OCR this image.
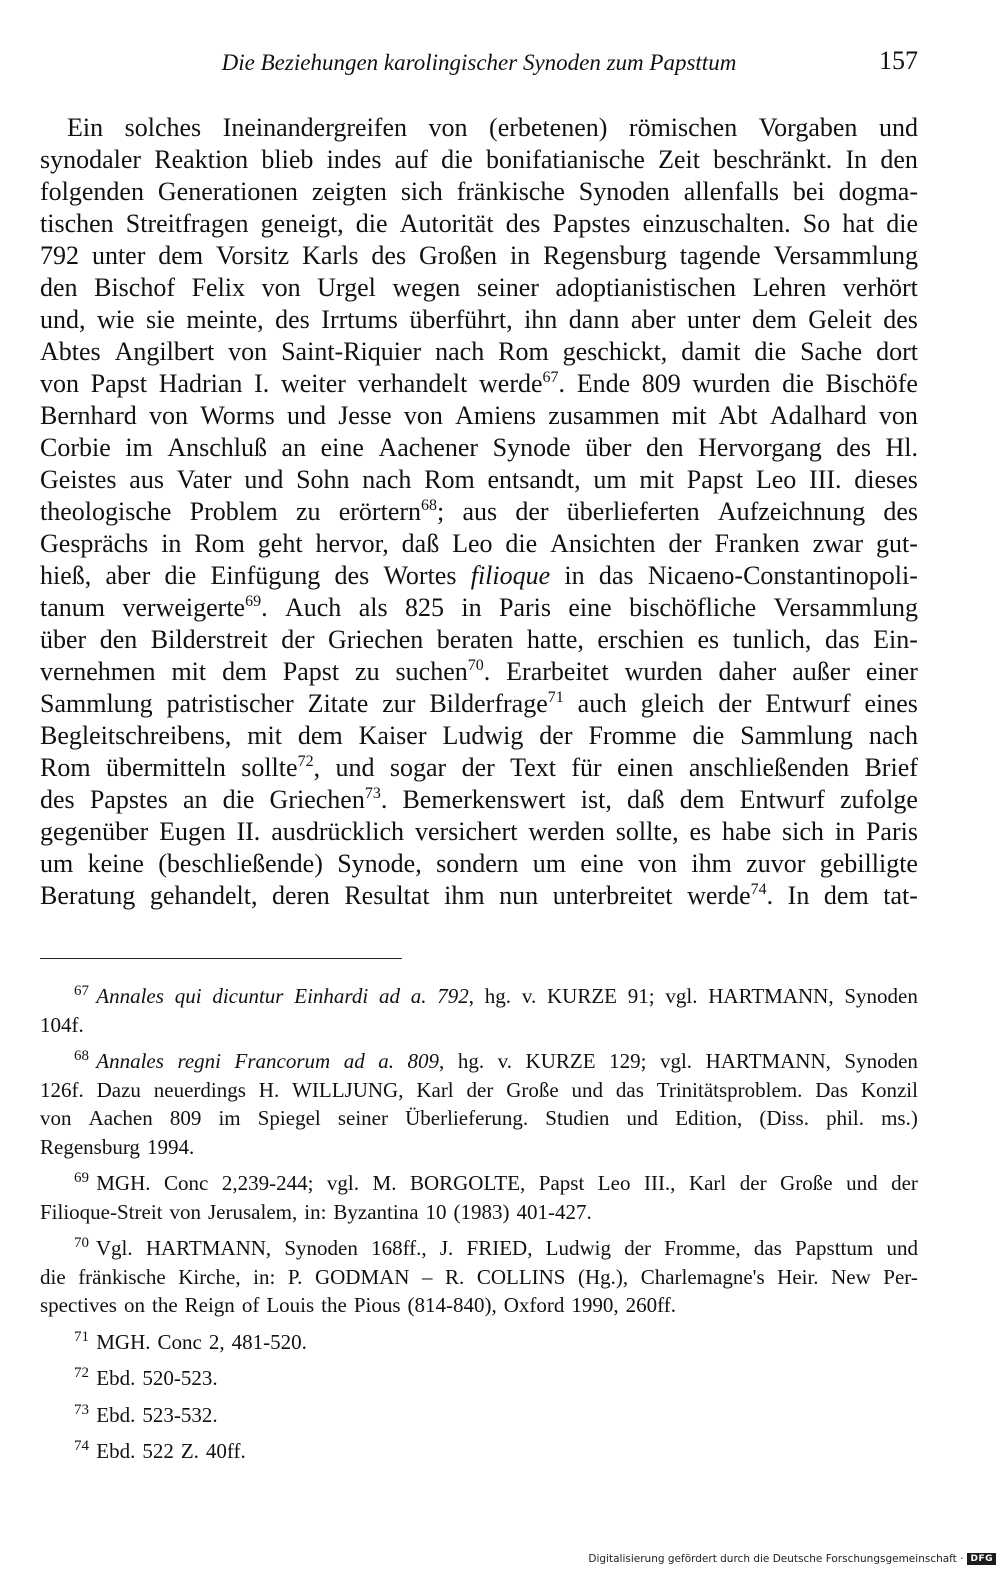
Die Beziehungen karolingischer Synoden zum Papsttum	157
Ein solches Ineinandergreifen von (erbetenen) römischen Vorgaben und
synodaler Reaktion blieb indes auf die bonifatianische Zeit beschränkt. In den
folgenden Generationen zeigten sich fränkische Synoden allenfalls bei dogma-
tischen Streitfragen geneigt, die Autorität des Papstes einzuschalten. So hat die
792 unter dem Vorsitz Karls des Großen in Regensburg tagende Versammlung
den Bischof Felix von Urgel wegen seiner adoptianistischen Lehren verhört
und, wie sie meinte, des Irrtums überführt, ihn dann aber unter dem Geleit des
Abtes Angilbert von Saint-Riquier nach Rom geschickt, damit die Sache dort
von Papst Hadrian I. weiter verhandelt werde$^{67}$. Ende 809 wurden die Bischöfe
Bernhard von Worms und Jesse von Amiens zusammen mit Abt Adalhard von
Corbie im Anschluß an eine Aachener Synode über den Hervorgang des Hl.
Geistes aus Vater und Sohn nach Rom entsandt, um mit Papst Leo III. dieses
theologische Problem zu erörtern$^{68}$; aus der überlieferten Aufzeichnung des
Gesprächs in Rom geht hervor, daß Leo die Ansichten der Franken zwar gut-
hieß, aber die Einfügung des Wortes filioque in das Nicaeno-Constantinopoli-
tanum verweigerte$^{69}$. Auch als 825 in Paris eine bischöfliche Versammlung
über den Bilderstreit der Griechen beraten hatte, erschien es tunlich, das Ein-
vernehmen mit dem Papst zu suchen$^{70}$. Erarbeitet wurden daher außer einer
Sammlung patristischer Zitate zur Bilderfrage$^{71}$ auch gleich der Entwurf eines
Begleitschreibens, mit dem Kaiser Ludwig der Fromme die Sammlung nach
Rom übermitteln sollte$^{72}$, und sogar der Text für einen anschließenden Brief
des Papstes an die Griechen$^{73}$. Bemerkenswert ist, daß dem Entwurf zufolge
gegenüber Eugen II. ausdrücklich versichert werden sollte, es habe sich in Paris
um keine (beschließende) Synode, sondern um eine von ihm zuvor gebilligte
Beratung gehandelt, deren Resultat ihm nun unterbreitet werde$^{74}$. In dem tat-
$^{67}$ Annales qui dicuntur Einhardi ad a. 792, hg. v. KURZE 91; vgl. HARTMANN, Synoden
104f.
$^{68}$ Annales regni Francorum ad a. 809, hg. v. KURZE 129; vgl. HARTMANN, Synoden
126f. Dazu neuerdings H. WILLJUNG, Karl der Große und das Trinitätsproblem. Das Konzil
von Aachen 809 im Spiegel seiner Überlieferung. Studien und Edition, (Diss. phil. ms.)
Regensburg 1994.
$^{69}$ MGH. Conc 2,239-244; vgl. M. BORGOLTE, Papst Leo III., Karl der Große und der
Filioque-Streit von Jerusalem, in: Byzantina 10 (1983) 401-427.
$^{70}$ Vgl. HARTMANN, Synoden 168ff., J. FRIED, Ludwig der Fromme, das Papsttum und
die fränkische Kirche, in: P. GODMAN – R. COLLINS (Hg.), Charlemagne's Heir. New Per-
spectives on the Reign of Louis the Pious (814-840), Oxford 1990, 260ff.
$^{71}$ MGH. Conc 2, 481-520.
$^{72}$ Ebd. 520-523.
$^{73}$ Ebd. 523-532.
$^{74}$ Ebd. 522 Z. 40ff.
Digitalisierung gefördert durch die Deutsche Forschungsgemeinschaft · DFG
